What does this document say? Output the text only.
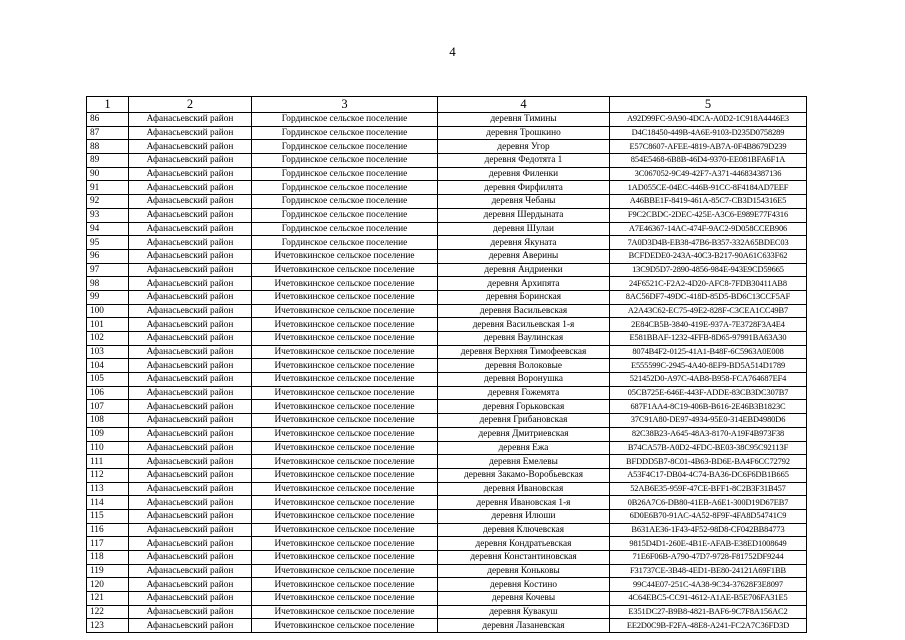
4
1	2	3	4	5
86	Афанасьевский район	Гординское сельское поселение	деревня Тимины	A92D99FC-9A90-4DCA-A0D2-1C918A4446E3
87	Афанасьевский район	Гординское сельское поселение	деревня Трошкино	D4C18450-449B-4A6E-9103-D235D0758289
88	Афанасьевский район	Гординское сельское поселение	деревня Угор	E57C8607-AFEE-4819-AB7A-0F4B8679D239
89	Афанасьевский район	Гординское сельское поселение	деревня Федотята 1	854E5468-6B8B-46D4-9370-EE081BFA6F1A
90	Афанасьевский район	Гординское сельское поселение	деревня Филенки	3C067052-9C49-42F7-A371-446834387136
91	Афанасьевский район	Гординское сельское поселение	деревня Фирфилята	1AD055CE-04EC-446B-91CC-8F4184AD7EEF
92	Афанасьевский район	Гординское сельское поселение	деревня Чебаны	A46BBE1F-8419-461A-85C7-CB3D154316E5
93	Афанасьевский район	Гординское сельское поселение	деревня Шердыната	F9C2CBDC-2DEC-425E-A3C6-E989E77F4316
94	Афанасьевский район	Гординское сельское поселение	деревня Шулаи	A7E46367-14AC-474F-9AC2-9D058CCEB906
95	Афанасьевский район	Гординское сельское поселение	деревня Якуната	7A0D3D4B-EB38-47B6-B357-332A65BDEC03
96	Афанасьевский район	Ичетовкинское сельское поселение	деревня Аверины	BCFDEDE0-243A-40C3-B217-90A61C633F62
97	Афанасьевский район	Ичетовкинское сельское поселение	деревня Андриенки	13C9D5D7-2890-4856-984E-943E9CD59665
98	Афанасьевский район	Ичетовкинское сельское поселение	деревня Архипята	24F6521C-F2A2-4D20-AFC8-7FDB30411AB8
99	Афанасьевский район	Ичетовкинское сельское поселение	деревня Боринская	8AC56DF7-49DC-418D-85D5-BD6C13CCF5AF
100	Афанасьевский район	Ичетовкинское сельское поселение	деревня Васильевская	A2A43C62-EC75-49E2-828F-C3CEA1CC49B7
101	Афанасьевский район	Ичетовкинское сельское поселение	деревня Васильевская 1-я	2E84CB5B-3840-419E-937A-7E3728F3A4E4
102	Афанасьевский район	Ичетовкинское сельское поселение	деревня Ваулинская	E581BBAF-1232-4FFB-8D65-97991BA63A30
103	Афанасьевский район	Ичетовкинское сельское поселение	деревня Верхняя Тимофеевская	8074B4F2-0125-41A1-B48F-6C5963A0E008
104	Афанасьевский район	Ичетовкинское сельское поселение	деревня Волоковые	E555599C-2945-4A40-8EF9-BD5A514D1789
105	Афанасьевский район	Ичетовкинское сельское поселение	деревня Воронушка	521452D0-A97C-4AB8-B958-FCA764687EF4
106	Афанасьевский район	Ичетовкинское сельское поселение	деревня Гожемята	05CB725E-646E-443F-ADDE-83CB3DC307B7
107	Афанасьевский район	Ичетовкинское сельское поселение	деревня Горьковская	687F1AA4-8C19-406B-B616-2E46B3B1823C
108	Афанасьевский район	Ичетовкинское сельское поселение	деревня Грибановская	37C91A80-DE97-4934-95E0-314EBD4980D6
109	Афанасьевский район	Ичетовкинское сельское поселение	деревня Дмитриевская	82C38B23-A645-48A3-8170-A19F4B973F38
110	Афанасьевский район	Ичетовкинское сельское поселение	деревня Ежа	B74CA57B-A0D2-4FDC-BE03-38C95C92113F
111	Афанасьевский район	Ичетовкинское сельское поселение	деревня Емелевы	BFDDD5B7-8C01-4B63-BD6E-BA4F6CC72792
112	Афанасьевский район	Ичетовкинское сельское поселение	деревня Закамо-Воробьевская	A53F4C17-DB04-4C74-BA36-DC6F6DB1B665
113	Афанасьевский район	Ичетовкинское сельское поселение	деревня Ивановская	52AB6E35-959F-47CE-BFF1-8C2B3F31B457
114	Афанасьевский район	Ичетовкинское сельское поселение	деревня Ивановская 1-я	0B26A7C6-DB80-41EB-A6E1-300D19D67EB7
115	Афанасьевский район	Ичетовкинское сельское поселение	деревня Илюши	6D0E6B70-91AC-4A52-8F9F-4FA8D54741C9
116	Афанасьевский район	Ичетовкинское сельское поселение	деревня Ключевская	B631AE36-1F43-4F52-98D8-CF042BB84773
117	Афанасьевский район	Ичетовкинское сельское поселение	деревня Кондратьевская	9815D4D1-260E-4B1E-AFAB-E38ED1008649
118	Афанасьевский район	Ичетовкинское сельское поселение	деревня Константиновская	71E6F06B-A790-47D7-9728-F81752DF9244
119	Афанасьевский район	Ичетовкинское сельское поселение	деревня Коньковы	F31737CE-3B48-4ED1-BE80-24121A69F1BB
120	Афанасьевский район	Ичетовкинское сельское поселение	деревня Костино	99C44E07-251C-4A38-9C34-37628F3E8097
121	Афанасьевский район	Ичетовкинское сельское поселение	деревня Кочевы	4C64EBC5-CC91-4612-A1AE-B5E706FA31E5
122	Афанасьевский район	Ичетовкинское сельское поселение	деревня Кувакуш	E351DC27-B9B8-4821-BAF6-9C7F8A156AC2
123	Афанасьевский район	Ичетовкинское сельское поселение	деревня Лазаневская	EE2D0C9B-F2FA-48E8-A241-FC2A7C36FD3D
